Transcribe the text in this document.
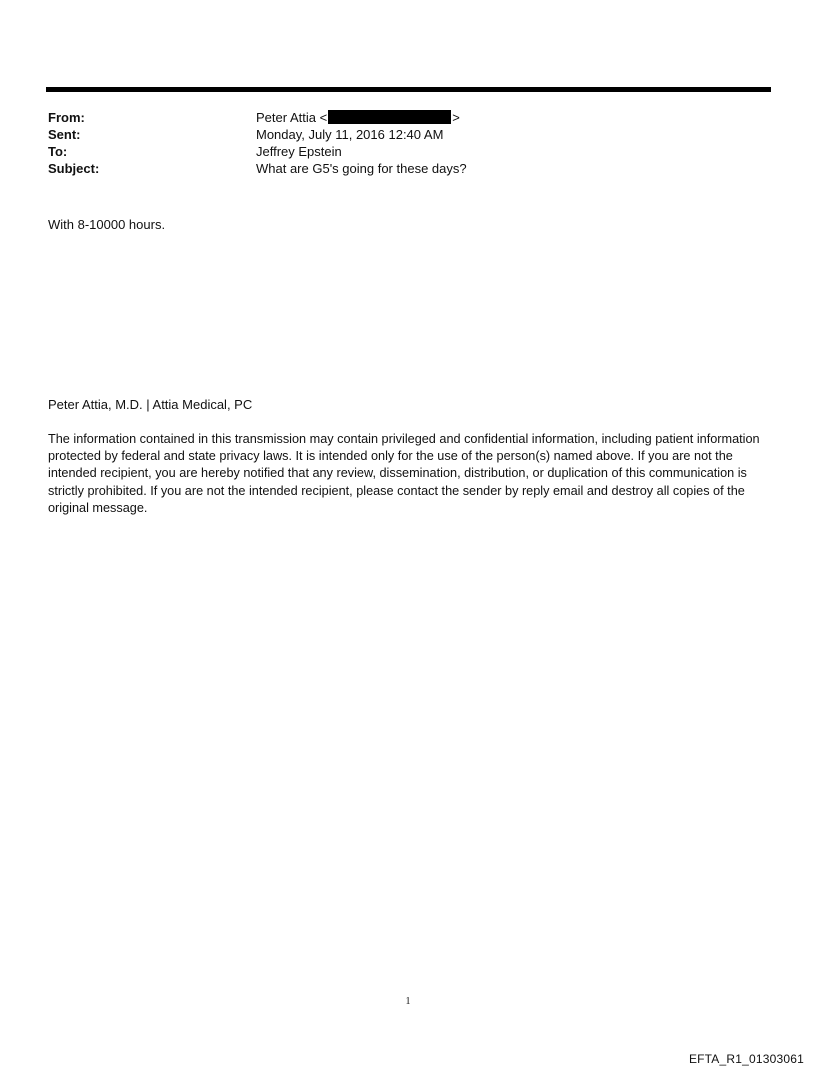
From:	Peter Attia <	>
Sent:	Monday, July 11, 2016 12:40 AM
To:	Jeffrey Epstein
Subject:	What are G5's going for these days?
With 8-10000 hours.
Peter Attia, M.D. | Attia Medical, PC
The information contained in this transmission may contain privileged and confidential information, including patient information protected by federal and state privacy laws. It is intended only for the use of the person(s) named above. If you are not the intended recipient, you are hereby notified that any review, dissemination, distribution, or duplication of this communication is strictly prohibited. If you are not the intended recipient, please contact the sender by reply email and destroy all copies of the original message.
1
EFTA_R1_01303061
